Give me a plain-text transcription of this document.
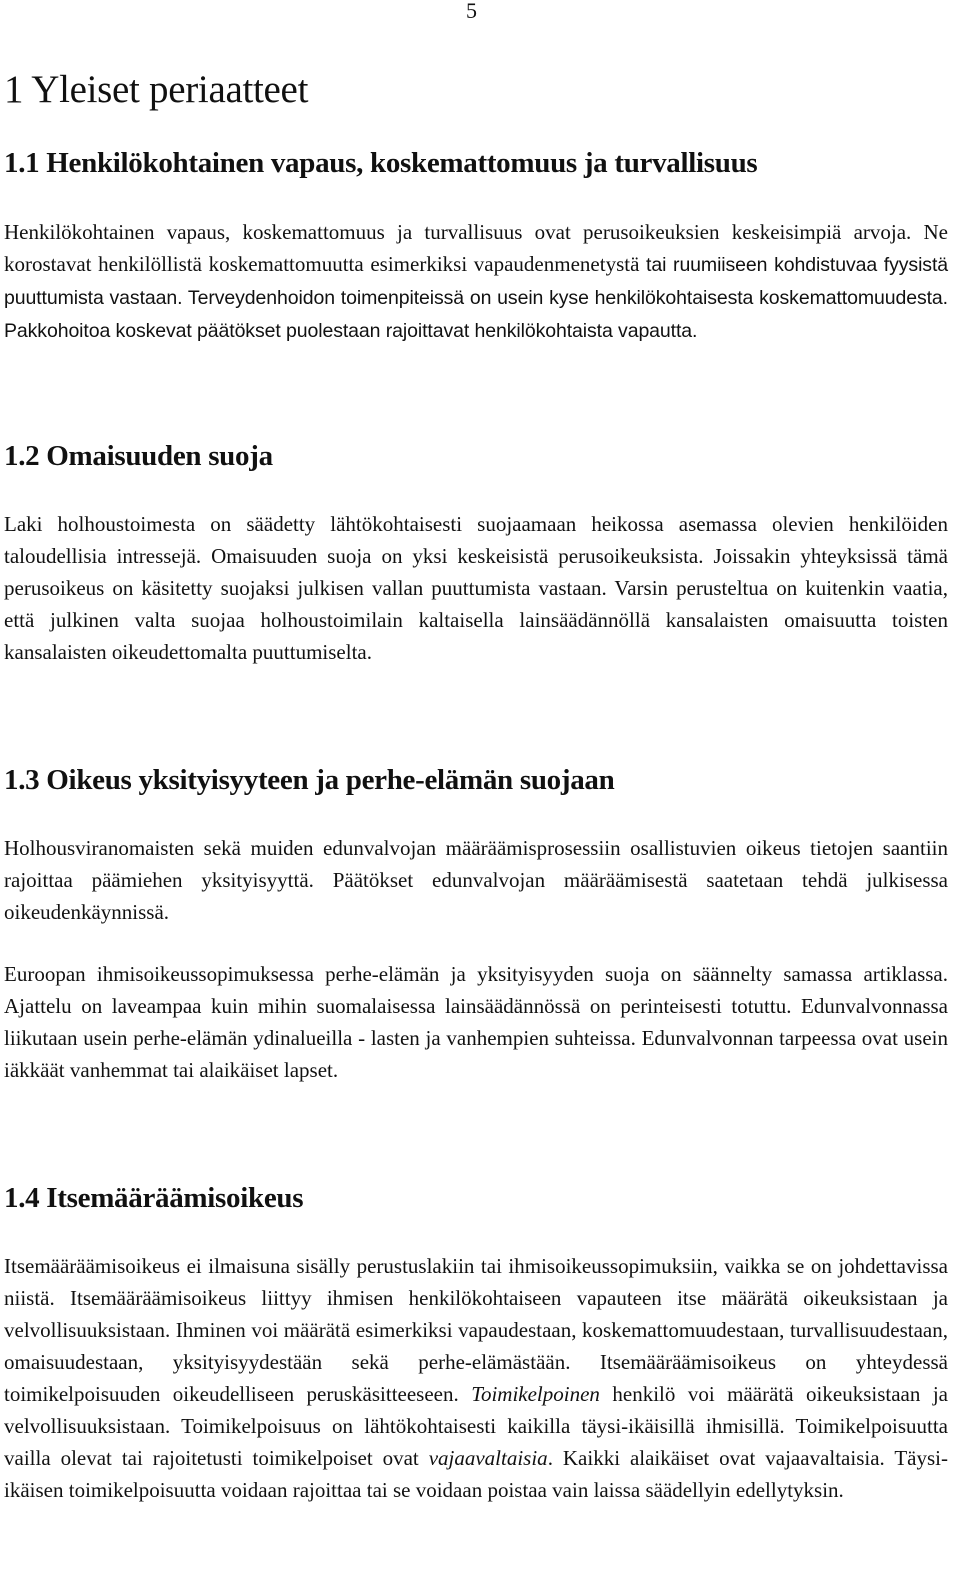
5
1 Yleiset periaatteet
1.1 Henkilökohtainen vapaus, koskemattomuus ja turvallisuus

Henkilökohtainen vapaus, koskemattomuus ja turvallisuus ovat perusoikeuksien keskeisimpiä arvoja. Ne korostavat henkilöllistä koskemattomuutta esimerkiksi vapaudenmenetystä tai ruumiiseen kohdistuvaa fyysistä puuttumista vastaan. Terveydenhoidon toimenpiteissä on usein kyse henkilökohtaisesta koskemattomuudesta. Pakkohoitoa koskevat päätökset puolestaan rajoittavat henkilökohtaista vapautta.

1.2 Omaisuuden suoja

Laki holhoustoimesta on säädetty lähtökohtaisesti suojaamaan heikossa asemassa olevien henkilöiden taloudellisia intressejä. Omaisuuden suoja on yksi keskeisistä perusoikeuksista. Joissakin yhteyksissä tämä perusoikeus on käsitetty suojaksi julkisen vallan puuttumista vastaan. Varsin perusteltua on kuitenkin vaatia, että julkinen valta suojaa holhoustoimilain kaltaisella lainsäädännöllä kansalaisten omaisuutta toisten kansalaisten oikeudettomalta puuttumiselta.

1.3 Oikeus yksityisyyteen ja perhe-elämän suojaan

Holhousviranomaisten sekä muiden edunvalvojan määräämisprosessiin osallistuvien oikeus tietojen saantiin rajoittaa päämiehen yksityisyyttä. Päätökset edunvalvojan määräämisestä saatetaan tehdä julkisessa oikeudenkäynnissä.

Euroopan ihmisoikeussopimuksessa perhe-elämän ja yksityisyyden suoja on säännelty samassa artiklassa. Ajattelu on laveampaa kuin mihin suomalaisessa lainsäädännössä on perinteisesti totuttu. Edunvalvonnassa liikutaan usein perhe-elämän ydinalueilla - lasten ja vanhempien suhteissa. Edunvalvonnan tarpeessa ovat usein iäkkäät vanhemmat tai alaikäiset lapset.

1.4 Itsemääräämisoikeus

Itsemääräämisoikeus ei ilmaisuna sisälly perustuslakiin tai ihmisoikeussopimuksiin, vaikka se on johdettavissa niistä. Itsemääräämisoikeus liittyy ihmisen henkilökohtaiseen vapauteen itse määrätä oikeuksistaan ja velvollisuuksistaan. Ihminen voi määrätä esimerkiksi vapaudestaan, koskemattomuudestaan, turvallisuudestaan, omaisuudestaan, yksityisyydestään sekä perhe-elämästään. Itsemääräämisoikeus on yhteydessä toimikelpoisuuden oikeudelliseen peruskäsitteeseen. Toimikelpoinen henkilö voi määrätä oikeuksistaan ja velvollisuuksistaan. Toimikelpoisuus on lähtökohtaisesti kaikilla täysi-ikäisillä ihmisillä. Toimikelpoisuutta vailla olevat tai rajoitetusti toimikelpoiset ovat vajaavaltaisia. Kaikki alaikäiset ovat vajaavaltaisia. Täysi-ikäisen toimikelpoisuutta voidaan rajoittaa tai se voidaan poistaa vain laissa säädellyin edellytyksin.
